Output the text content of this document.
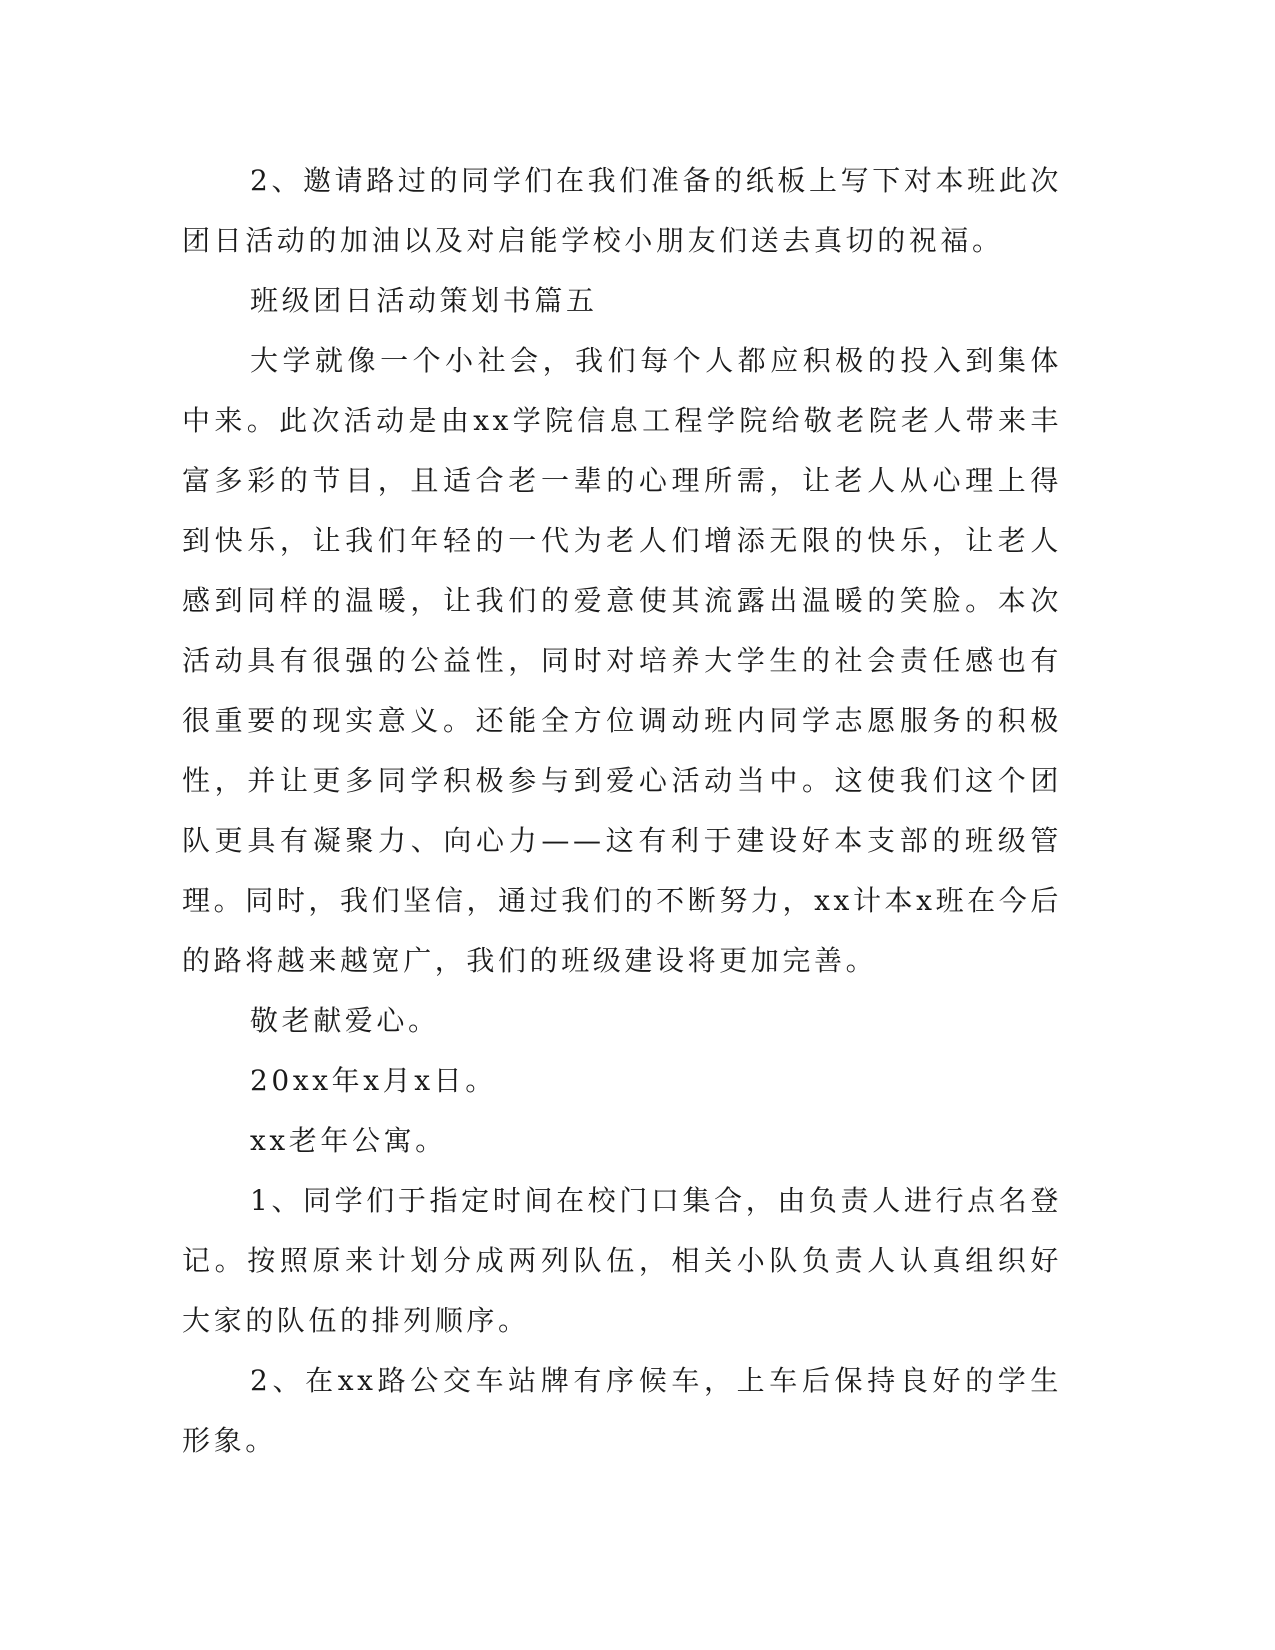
2、邀请路过的同学们在我们准备的纸板上写下对本班此次团日活动的加油以及对启能学校小朋友们送去真切的祝福。

班级团日活动策划书篇五

大学就像一个小社会，我们每个人都应积极的投入到集体中来。此次活动是由xx学院信息工程学院给敬老院老人带来丰富多彩的节目，且适合老一辈的心理所需，让老人从心理上得到快乐，让我们年轻的一代为老人们增添无限的快乐，让老人感到同样的温暖，让我们的爱意使其流露出温暖的笑脸。本次活动具有很强的公益性，同时对培养大学生的社会责任感也有很重要的现实意义。还能全方位调动班内同学志愿服务的积极性，并让更多同学积极参与到爱心活动当中。这使我们这个团队更具有凝聚力、向心力——这有利于建设好本支部的班级管理。同时，我们坚信，通过我们的不断努力，xx计本x班在今后的路将越来越宽广，我们的班级建设将更加完善。

敬老献爱心。

20xx年x月x日。

xx老年公寓。

1、同学们于指定时间在校门口集合，由负责人进行点名登记。按照原来计划分成两列队伍，相关小队负责人认真组织好大家的队伍的排列顺序。

2、在xx路公交车站牌有序候车，上车后保持良好的学生形象。
